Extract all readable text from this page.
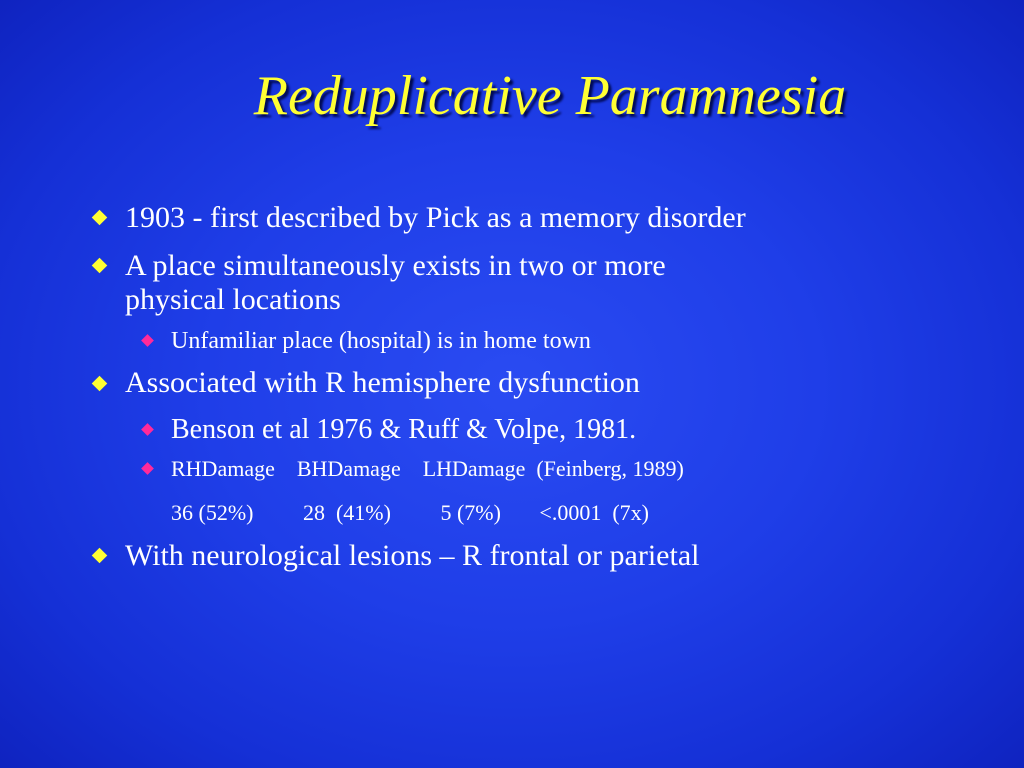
Reduplicative Paramnesia
1903 - first described by Pick as a memory disorder
A place simultaneously exists in two or more
physical locations
Unfamiliar place (hospital) is in home town
Associated with R hemisphere dysfunction
Benson et al 1976 & Ruff & Volpe, 1981.
RHDamage    BHDamage    LHDamage  (Feinberg, 1989)
36 (52%)         28  (41%)         5 (7%)       <.0001  (7x)
With neurological lesions – R frontal or parietal
